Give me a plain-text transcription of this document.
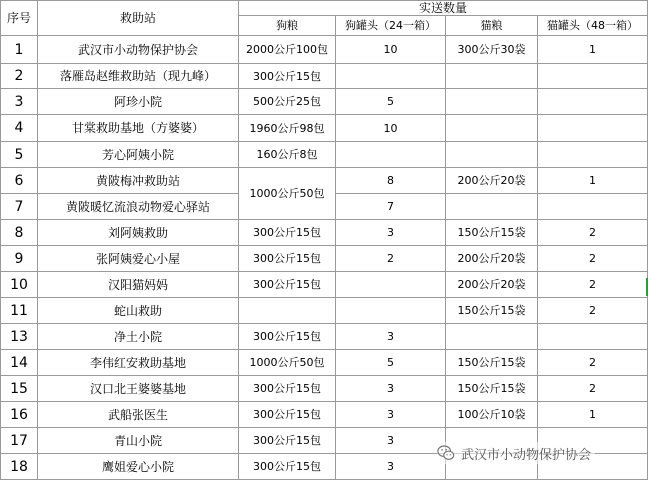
序号	救助站	实送数量			
		狗粮	狗罐头（24一箱）	猫粮	猫罐头（48一箱）
1	武汉市小动物保护协会	2000公斤100包	10	300公斤30袋	1
2	落雁岛赵维救助站（现九峰）	300公斤15包			
3	阿珍小院	500公斤25包	5		
4	甘棠救助基地（方婆婆）	1960公斤98包	10		
5	芳心阿姨小院	160公斤8包			
6	黄陂梅冲救助站	1000公斤50包	8	200公斤20袋	1
7	黄陂暖忆流浪动物爱心驿站		7		
8	刘阿姨救助	300公斤15包	3	150公斤15袋	2
9	张阿姨爱心小屋	300公斤15包	2	200公斤20袋	2
10	汉阳猫妈妈	300公斤15包		200公斤20袋	2
11	蛇山救助			150公斤15袋	2
13	净土小院	300公斤15包	3		
14	李伟红安救助基地	1000公斤50包	5	150公斤15袋	2
15	汉口北王婆婆基地	300公斤15包	3	150公斤15袋	2
16	武船张医生	300公斤15包	3	100公斤10袋	1
17	青山小院	300公斤15包	3		
18	鹰姐爱心小院	300公斤15包	3		
武汉市小动物保护协会
